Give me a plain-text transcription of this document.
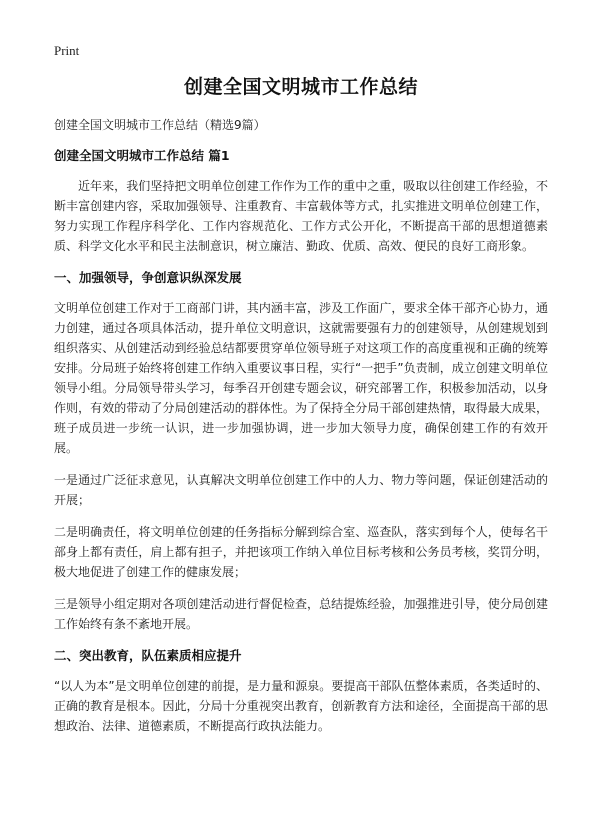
Print
创建全国文明城市工作总结

创建全国文明城市工作总结（精选9篇）

创建全国文明城市工作总结 篇1

近年来，我们坚持把文明单位创建工作作为工作的重中之重，吸取以往创建工作经验，不断丰富创建内容，采取加强领导、注重教育、丰富载体等方式，扎实推进文明单位创建工作，努力实现工作程序科学化、工作内容规范化、工作方式公开化，不断提高干部的思想道德素质、科学文化水平和民主法制意识，树立廉洁、勤政、优质、高效、便民的良好工商形象。

一、加强领导，争创意识纵深发展

文明单位创建工作对于工商部门讲，其内涵丰富，涉及工作面广，要求全体干部齐心协力，通力创建，通过各项具体活动，提升单位文明意识，这就需要强有力的创建领导，从创建规划到组织落实、从创建活动到经验总结都要贯穿单位领导班子对这项工作的高度重视和正确的统筹安排。分局班子始终将创建工作纳入重要议事日程，实行“一把手”负责制，成立创建文明单位领导小组。分局领导带头学习，每季召开创建专题会议，研究部署工作，积极参加活动，以身作则，有效的带动了分局创建活动的群体性。为了保持全分局干部创建热情，取得最大成果，班子成员进一步统一认识，进一步加强协调，进一步加大领导力度，确保创建工作的有效开展。

一是通过广泛征求意见，认真解决文明单位创建工作中的人力、物力等问题，保证创建活动的开展；

二是明确责任，将文明单位创建的任务指标分解到综合室、巡查队，落实到每个人，使每名干部身上都有责任，肩上都有担子，并把该项工作纳入单位目标考核和公务员考核，奖罚分明，极大地促进了创建工作的健康发展；

三是领导小组定期对各项创建活动进行督促检查，总结提炼经验，加强推进引导，使分局创建工作始终有条不紊地开展。

二、突出教育，队伍素质相应提升

“以人为本”是文明单位创建的前提，是力量和源泉。要提高干部队伍整体素质，各类适时的、正确的教育是根本。因此，分局十分重视突出教育，创新教育方法和途径，全面提高干部的思想政治、法律、道德素质，不断提高行政执法能力。
